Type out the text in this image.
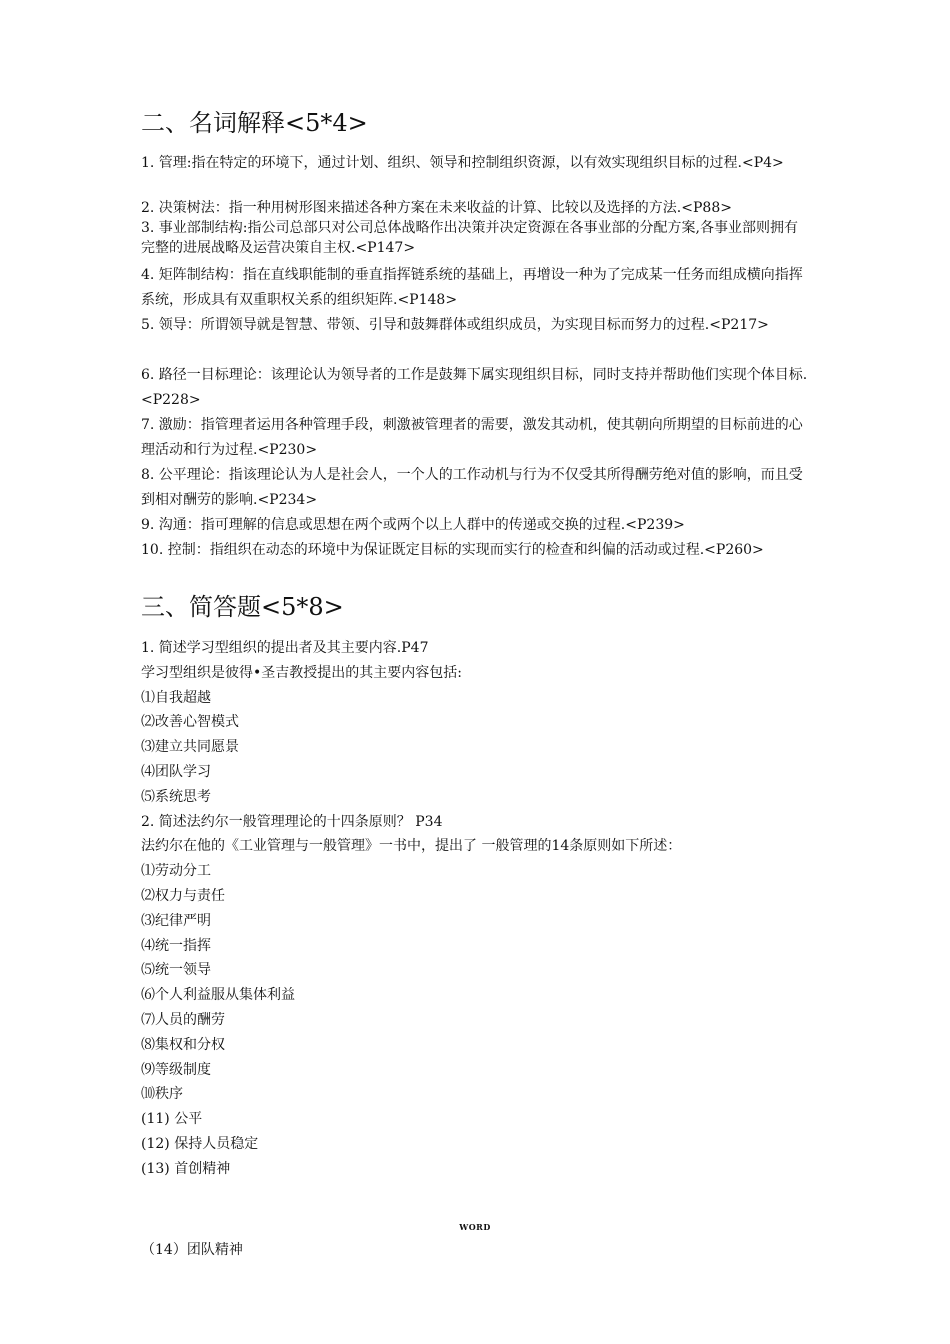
二、名词解释<5*4>
1. 管理:指在特定的环境下，通过计划、组织、领导和控制组织资源，以有效实现组织目标的过程.<P4>
2. 决策树法：指一种用树形图来描述各种方案在未来收益的计算、比较以及选择的方法.<P88>
3. 事业部制结构:指公司总部只对公司总体战略作出决策并决定资源在各事业部的分配方案,各事业部则拥有完整的进展战略及运营决策自主权.<P147>
4. 矩阵制结构：指在直线职能制的垂直指挥链系统的基础上，再增设一种为了完成某一任务而组成横向指挥系统，形成具有双重职权关系的组织矩阵.<P148>
5. 领导：所谓领导就是智慧、带领、引导和鼓舞群体或组织成员，为实现目标而努力的过程.<P217>
6. 路径一目标理论：该理论认为领导者的工作是鼓舞下属实现组织目标，同时支持并帮助他们实现个体目标.<P228>
7. 激励：指管理者运用各种管理手段，刺激被管理者的需要，激发其动机，使其朝向所期望的目标前进的心理活动和行为过程.<P230>
8. 公平理论：指该理论认为人是社会人，一个人的工作动机与行为不仅受其所得酬劳绝对值的影响，而且受到相对酬劳的影响.<P234>
9. 沟通：指可理解的信息或思想在两个或两个以上人群中的传递或交换的过程.<P239>
10. 控制：指组织在动态的环境中为保证既定目标的实现而实行的检查和纠偏的活动或过程.<P260>
三、简答题<5*8>
1. 简述学习型组织的提出者及其主要内容.P47
学习型组织是彼得•圣吉教授提出的其主要内容包括:
⑴自我超越
⑵改善心智模式
⑶建立共同愿景
⑷团队学习
⑸系统思考
2. 简述法约尔一般管理理论的十四条原则？ P34
法约尔在他的《工业管理与一般管理》一书中，提出了 一般管理的14条原则如下所述：
⑴劳动分工
⑵权力与责任
⑶纪律严明
⑷统一指挥
⑸统一领导
⑹个人利益服从集体利益
⑺人员的酬劳
⑻集权和分权
⑼等级制度
⑽秩序
(11) 公平
(12) 保持人员稳定
(13) 首创精神
WORD
（14）团队精神
